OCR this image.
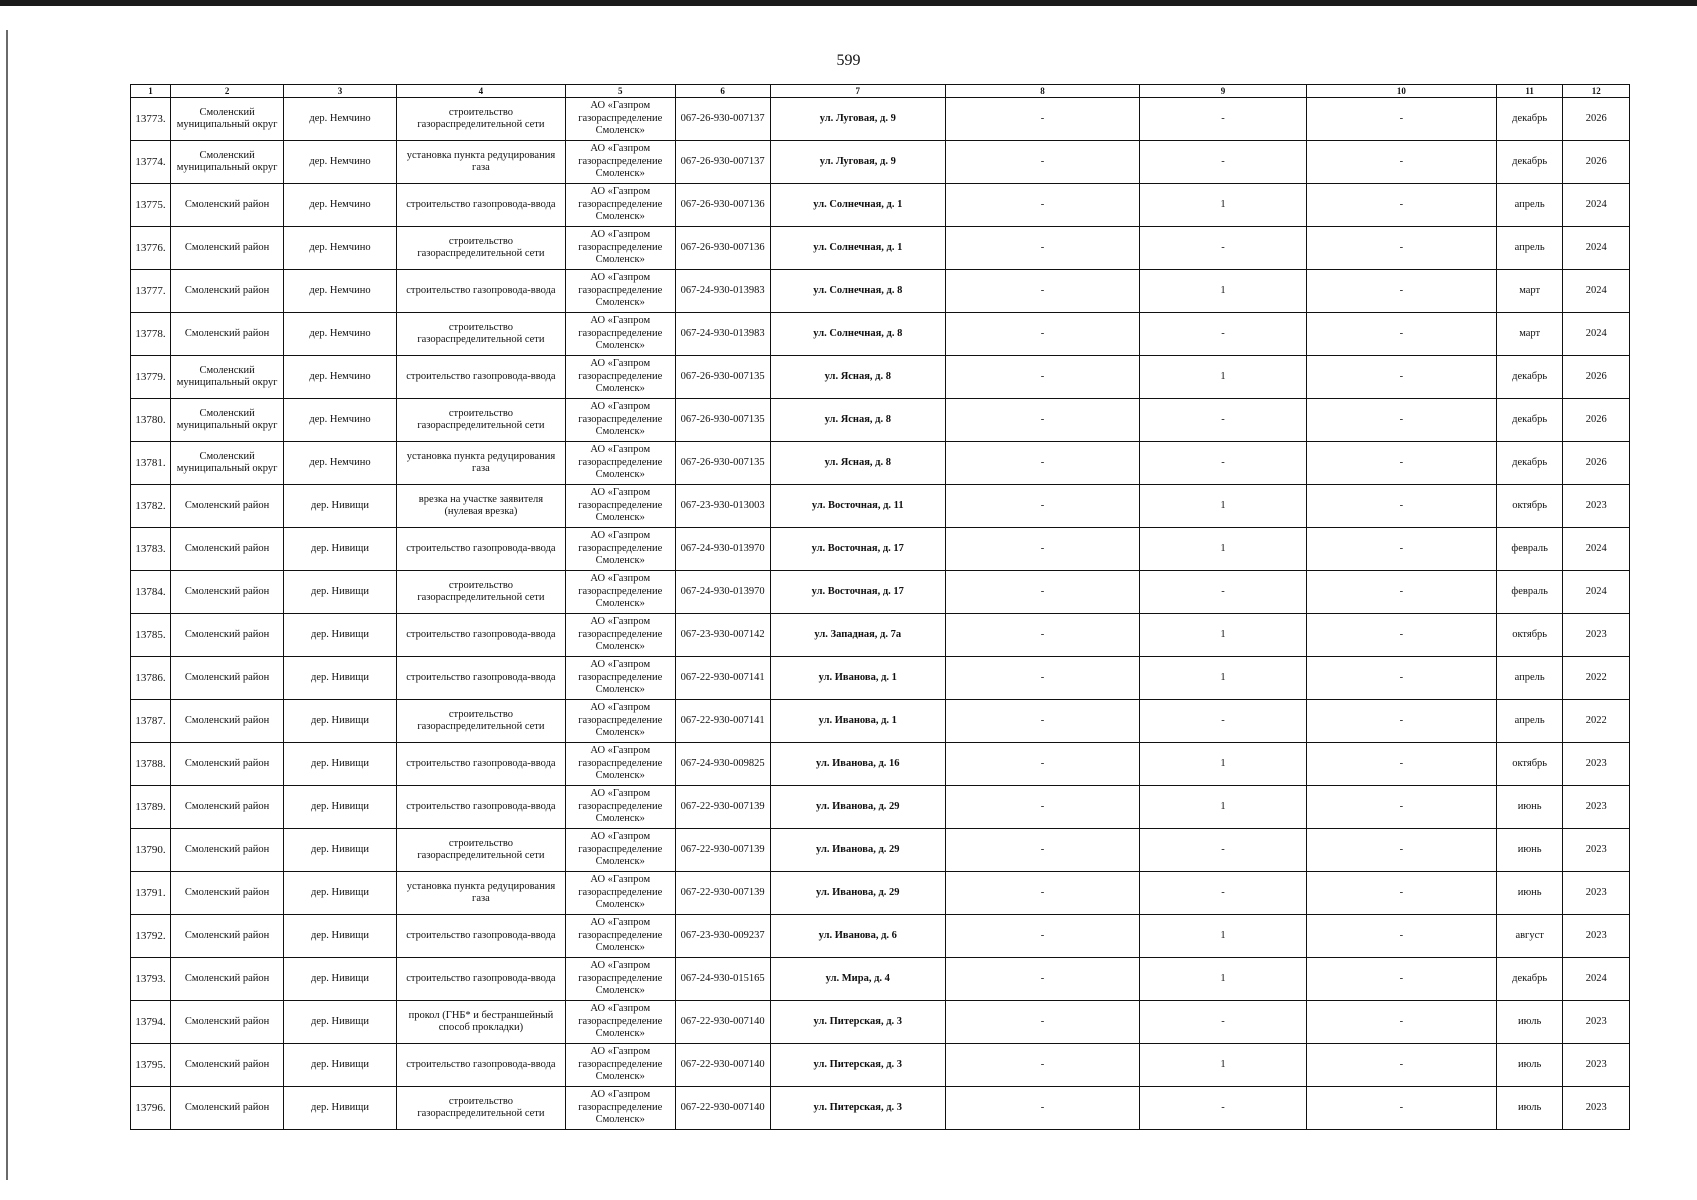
599
1	2	3	4	5	6	7	8	9	10	11	12
13773.	Смоленский муниципальный округ	дер. Немчино	строительство газораспределительной сети	АО «Газпром газораспределение Смоленск»	067-26-930-007137	ул. Луговая, д. 9	-	-	-	декабрь	2026
13774.	Смоленский муниципальный округ	дер. Немчино	установка пункта редуцирования газа	АО «Газпром газораспределение Смоленск»	067-26-930-007137	ул. Луговая, д. 9	-	-	-	декабрь	2026
13775.	Смоленский район	дер. Немчино	строительство газопровода-ввода	АО «Газпром газораспределение Смоленск»	067-26-930-007136	ул. Солнечная, д. 1	-	1	-	апрель	2024
13776.	Смоленский район	дер. Немчино	строительство газораспределительной сети	АО «Газпром газораспределение Смоленск»	067-26-930-007136	ул. Солнечная, д. 1	-	-	-	апрель	2024
13777.	Смоленский район	дер. Немчино	строительство газопровода-ввода	АО «Газпром газораспределение Смоленск»	067-24-930-013983	ул. Солнечная, д. 8	-	1	-	март	2024
13778.	Смоленский район	дер. Немчино	строительство газораспределительной сети	АО «Газпром газораспределение Смоленск»	067-24-930-013983	ул. Солнечная, д. 8	-	-	-	март	2024
13779.	Смоленский муниципальный округ	дер. Немчино	строительство газопровода-ввода	АО «Газпром газораспределение Смоленск»	067-26-930-007135	ул. Ясная, д. 8	-	1	-	декабрь	2026
13780.	Смоленский муниципальный округ	дер. Немчино	строительство газораспределительной сети	АО «Газпром газораспределение Смоленск»	067-26-930-007135	ул. Ясная, д. 8	-	-	-	декабрь	2026
13781.	Смоленский муниципальный округ	дер. Немчино	установка пункта редуцирования газа	АО «Газпром газораспределение Смоленск»	067-26-930-007135	ул. Ясная, д. 8	-	-	-	декабрь	2026
13782.	Смоленский район	дер. Нивищи	врезка на участке заявителя (нулевая врезка)	АО «Газпром газораспределение Смоленск»	067-23-930-013003	ул. Восточная, д. 11	-	1	-	октябрь	2023
13783.	Смоленский район	дер. Нивищи	строительство газопровода-ввода	АО «Газпром газораспределение Смоленск»	067-24-930-013970	ул. Восточная, д. 17	-	1	-	февраль	2024
13784.	Смоленский район	дер. Нивищи	строительство газораспределительной сети	АО «Газпром газораспределение Смоленск»	067-24-930-013970	ул. Восточная, д. 17	-	-	-	февраль	2024
13785.	Смоленский район	дер. Нивищи	строительство газопровода-ввода	АО «Газпром газораспределение Смоленск»	067-23-930-007142	ул. Западная, д. 7а	-	1	-	октябрь	2023
13786.	Смоленский район	дер. Нивищи	строительство газопровода-ввода	АО «Газпром газораспределение Смоленск»	067-22-930-007141	ул. Иванова, д. 1	-	1	-	апрель	2022
13787.	Смоленский район	дер. Нивищи	строительство газораспределительной сети	АО «Газпром газораспределение Смоленск»	067-22-930-007141	ул. Иванова, д. 1	-	-	-	апрель	2022
13788.	Смоленский район	дер. Нивищи	строительство газопровода-ввода	АО «Газпром газораспределение Смоленск»	067-24-930-009825	ул. Иванова, д. 16	-	1	-	октябрь	2023
13789.	Смоленский район	дер. Нивищи	строительство газопровода-ввода	АО «Газпром газораспределение Смоленск»	067-22-930-007139	ул. Иванова, д. 29	-	1	-	июнь	2023
13790.	Смоленский район	дер. Нивищи	строительство газораспределительной сети	АО «Газпром газораспределение Смоленск»	067-22-930-007139	ул. Иванова, д. 29	-	-	-	июнь	2023
13791.	Смоленский район	дер. Нивищи	установка пункта редуцирования газа	АО «Газпром газораспределение Смоленск»	067-22-930-007139	ул. Иванова, д. 29	-	-	-	июнь	2023
13792.	Смоленский район	дер. Нивищи	строительство газопровода-ввода	АО «Газпром газораспределение Смоленск»	067-23-930-009237	ул. Иванова, д. 6	-	1	-	август	2023
13793.	Смоленский район	дер. Нивищи	строительство газопровода-ввода	АО «Газпром газораспределение Смоленск»	067-24-930-015165	ул. Мира, д. 4	-	1	-	декабрь	2024
13794.	Смоленский район	дер. Нивищи	прокол (ГНБ* и бестраншейный способ прокладки)	АО «Газпром газораспределение Смоленск»	067-22-930-007140	ул. Питерская, д. 3	-	-	-	июль	2023
13795.	Смоленский район	дер. Нивищи	строительство газопровода-ввода	АО «Газпром газораспределение Смоленск»	067-22-930-007140	ул. Питерская, д. 3	-	1	-	июль	2023
13796.	Смоленский район	дер. Нивищи	строительство газораспределительной сети	АО «Газпром газораспределение Смоленск»	067-22-930-007140	ул. Питерская, д. 3	-	-	-	июль	2023
